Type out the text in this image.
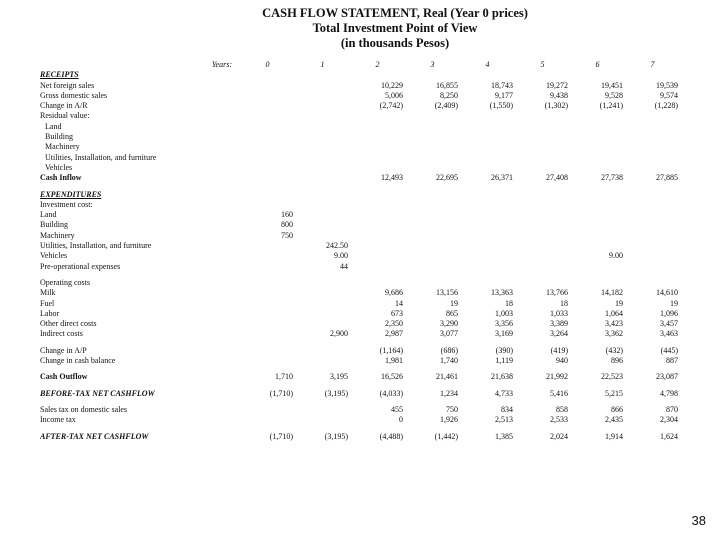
CASH FLOW STATEMENT, Real (Year 0 prices)
Total Investment Point of View
(in thousands Pesos)
Years:	0	1	2	3	4	5	6	7
RECEIPTS								
Net foreign sales			10,229	16,855	18,743	19,272	19,451	19,539
Gross domestic sales			5,006	8,250	9,177	9,438	9,528	9,574
Change in A/R			(2,742)	(2,409)	(1,550)	(1,302)	(1,241)	(1,228)
Residual value:								
Land								
Building								
Machinery								
Utilities, Installation, and furniture								
Vehicles								
Cash Inflow			12,493	22,695	26,371	27,408	27,738	27,885

EXPENDITURES								
Investment cost:								
Land	160							
Building	800							
Machinery	750							
Utilities, Installation, and furniture		242.50						
Vehicles		9.00					9.00	
Pre-operational expenses		44						

Operating costs								
Milk			9,686	13,156	13,363	13,766	14,182	14,610
Fuel			14	19	18	18	19	19
Labor			673	865	1,003	1,033	1,064	1,096
Other direct costs			2,350	3,290	3,356	3,389	3,423	3,457
Indirect costs		2,900	2,987	3,077	3,169	3,264	3,362	3,463

Change in A/P			(1,164)	(686)	(390)	(419)	(432)	(445)
Change in cash balance			1,981	1,740	1,119	940	896	887

Cash Outflow	1,710	3,195	16,526	21,461	21,638	21,992	22,523	23,087

BEFORE-TAX NET CASHFLOW	(1,710)	(3,195)	(4,033)	1,234	4,733	5,416	5,215	4,798

Sales tax on domestic sales			455	750	834	858	866	870
Income tax			0	1,926	2,513	2,533	2,435	2,304

AFTER-TAX NET CASHFLOW	(1,710)	(3,195)	(4,488)	(1,442)	1,385	2,024	1,914	1,624
38
